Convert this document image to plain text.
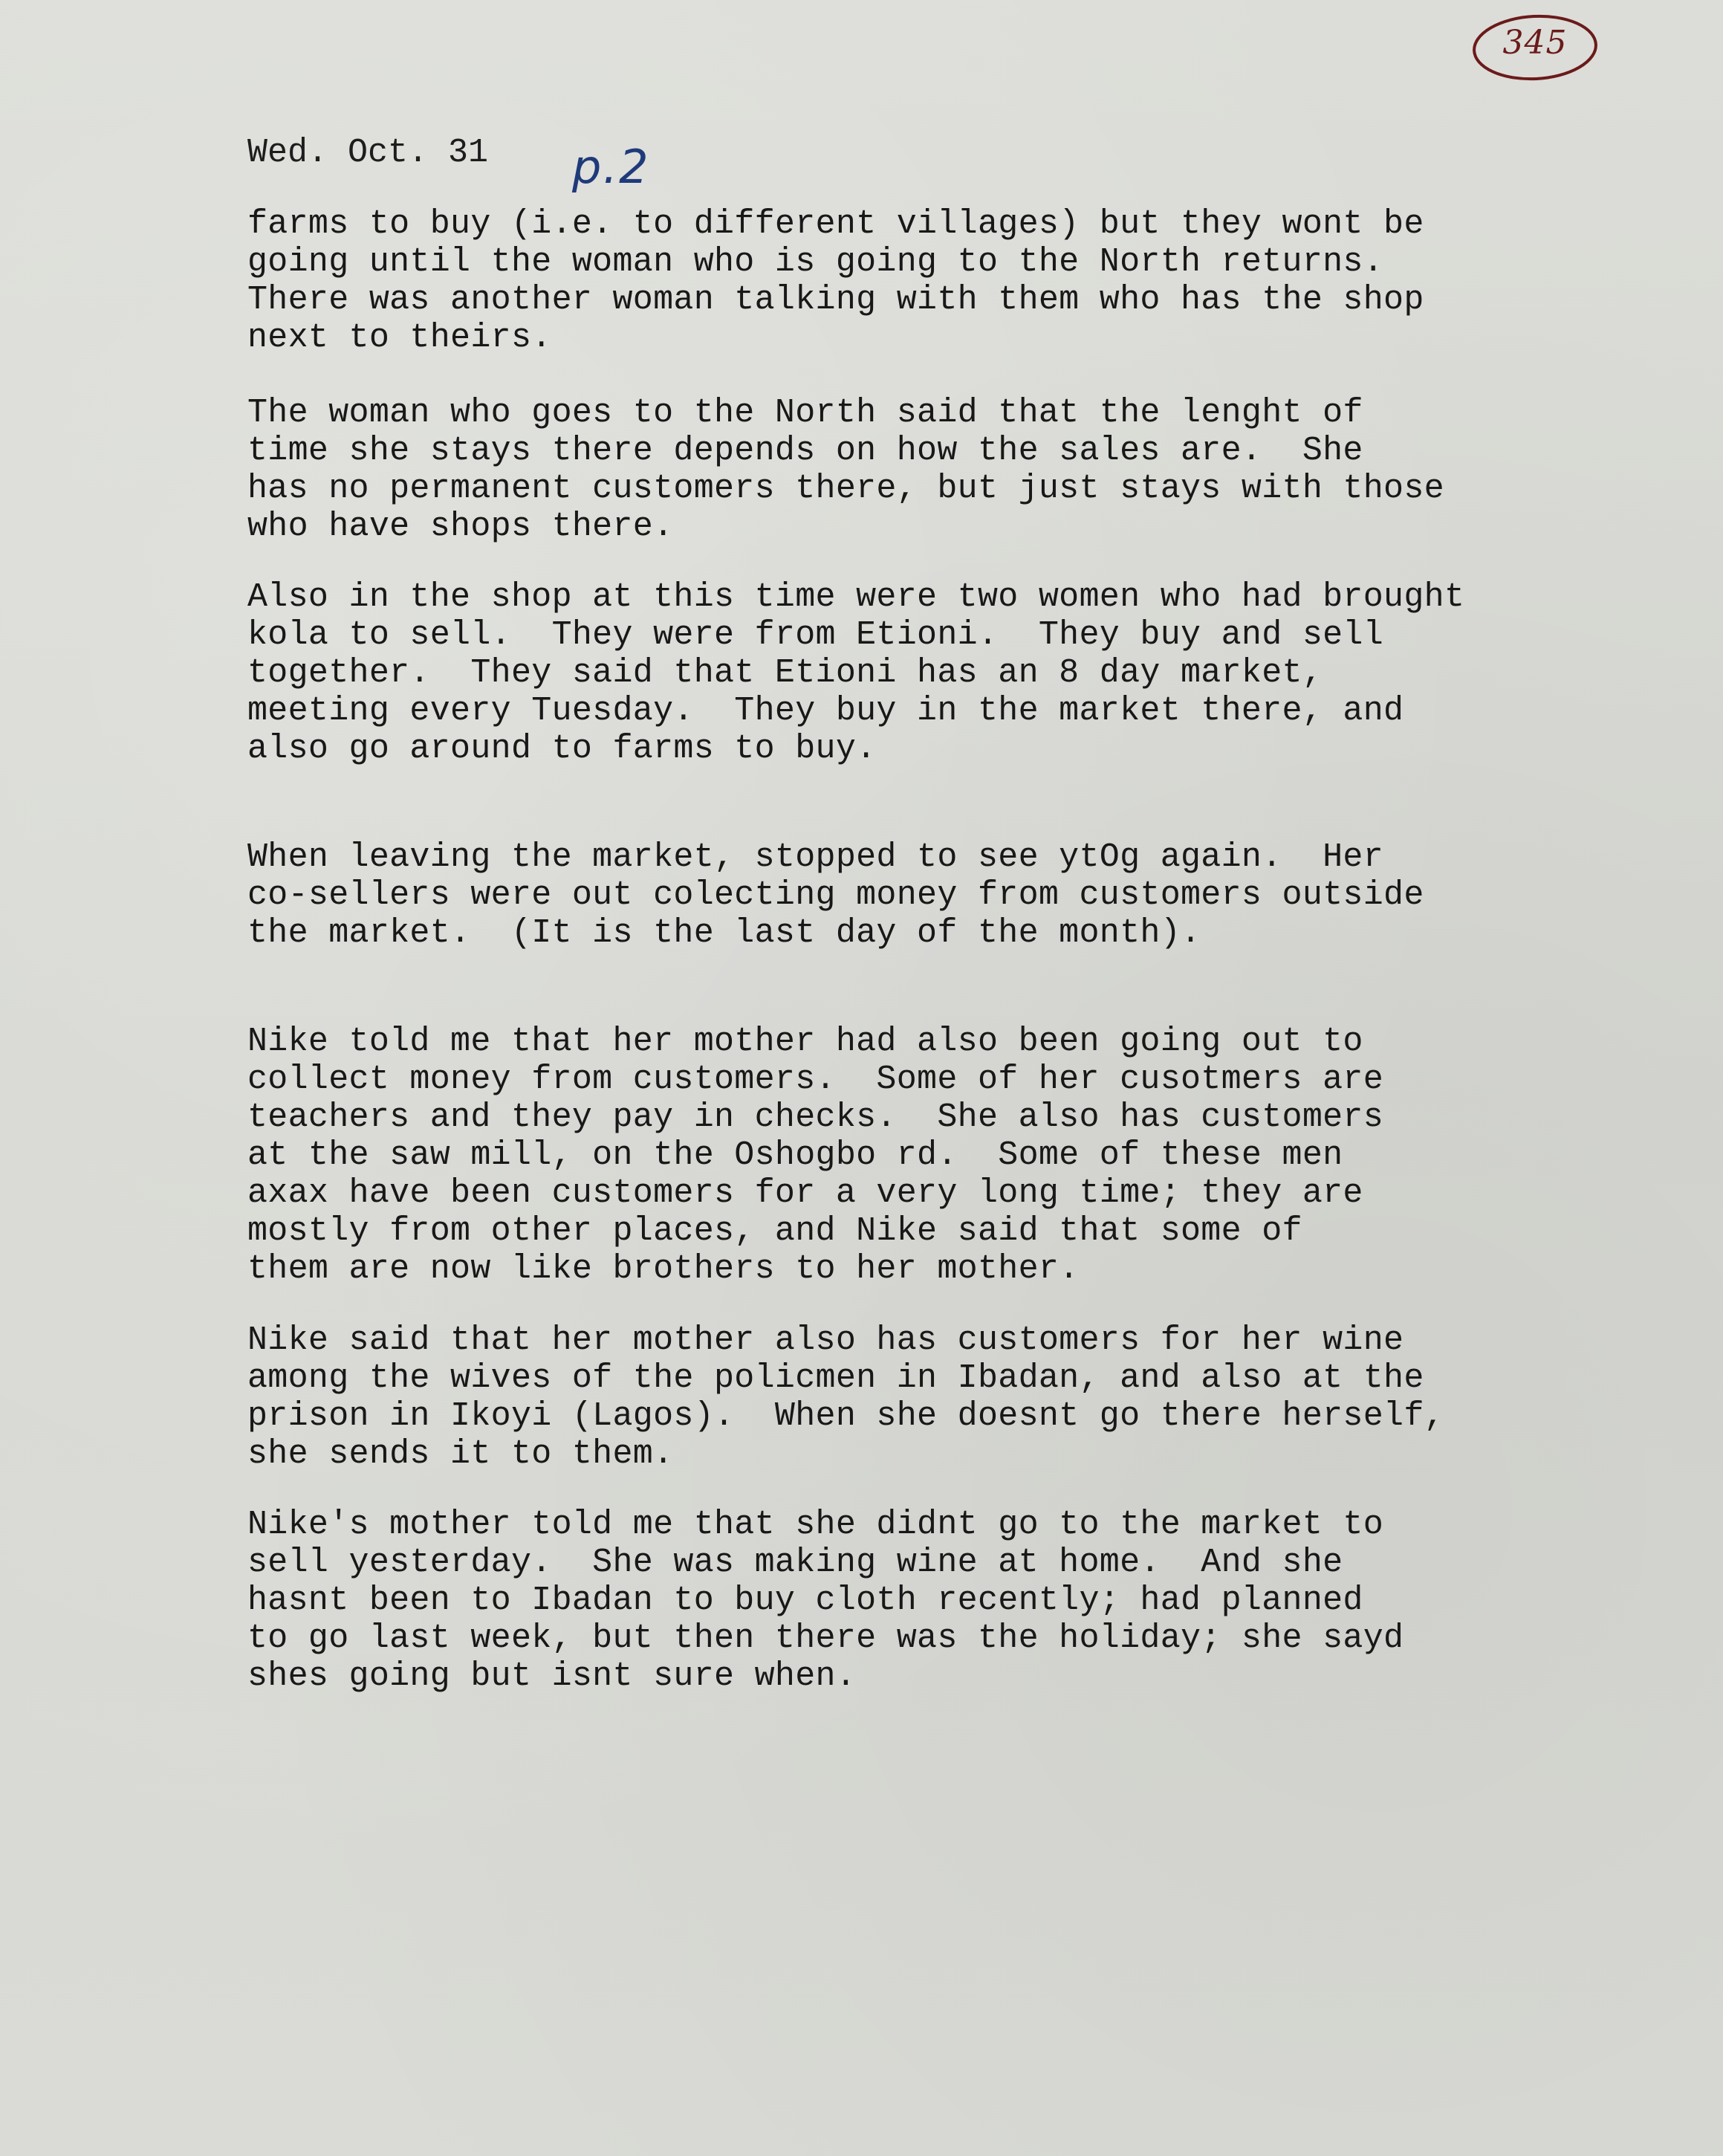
345
Wed. Oct. 31 p.2

farms to buy (i.e. to different villages) but they wont be
going until the woman who is going to the North returns.
There was another woman talking with them who has the shop
next to theirs.

The woman who goes to the North said that the lenght of
time she stays there depends on how the sales are.  She
has no permanent customers there, but just stays with those
who have shops there.

Also in the shop at this time were two women who had brought
kola to sell.  They were from Etioni.  They buy and sell
together.  They said that Etioni has an 8 day market,
meeting every Tuesday.  They buy in the market there, and
also go around to farms to buy.

When leaving the market, stopped to see ytOg again.  Her
co-sellers were out colecting money from customers outside
the market.  (It is the last day of the month).

Nike told me that her mother had also been going out to
collect money from customers.  Some of her cusotmers are
teachers and they pay in checks.  She also has customers
at the saw mill, on the Oshogbo rd.  Some of these men
axax have been customers for a very long time; they are
mostly from other places, and Nike said that some of
them are now like brothers to her mother.

Nike said that her mother also has customers for her wine
among the wives of the policmen in Ibadan, and also at the
prison in Ikoyi (Lagos).  When she doesnt go there herself,
she sends it to them.

Nike's mother told me that she didnt go to the market to
sell yesterday.  She was making wine at home.  And she
hasnt been to Ibadan to buy cloth recently; had planned
to go last week, but then there was the holiday; she sayd
shes going but isnt sure when.
